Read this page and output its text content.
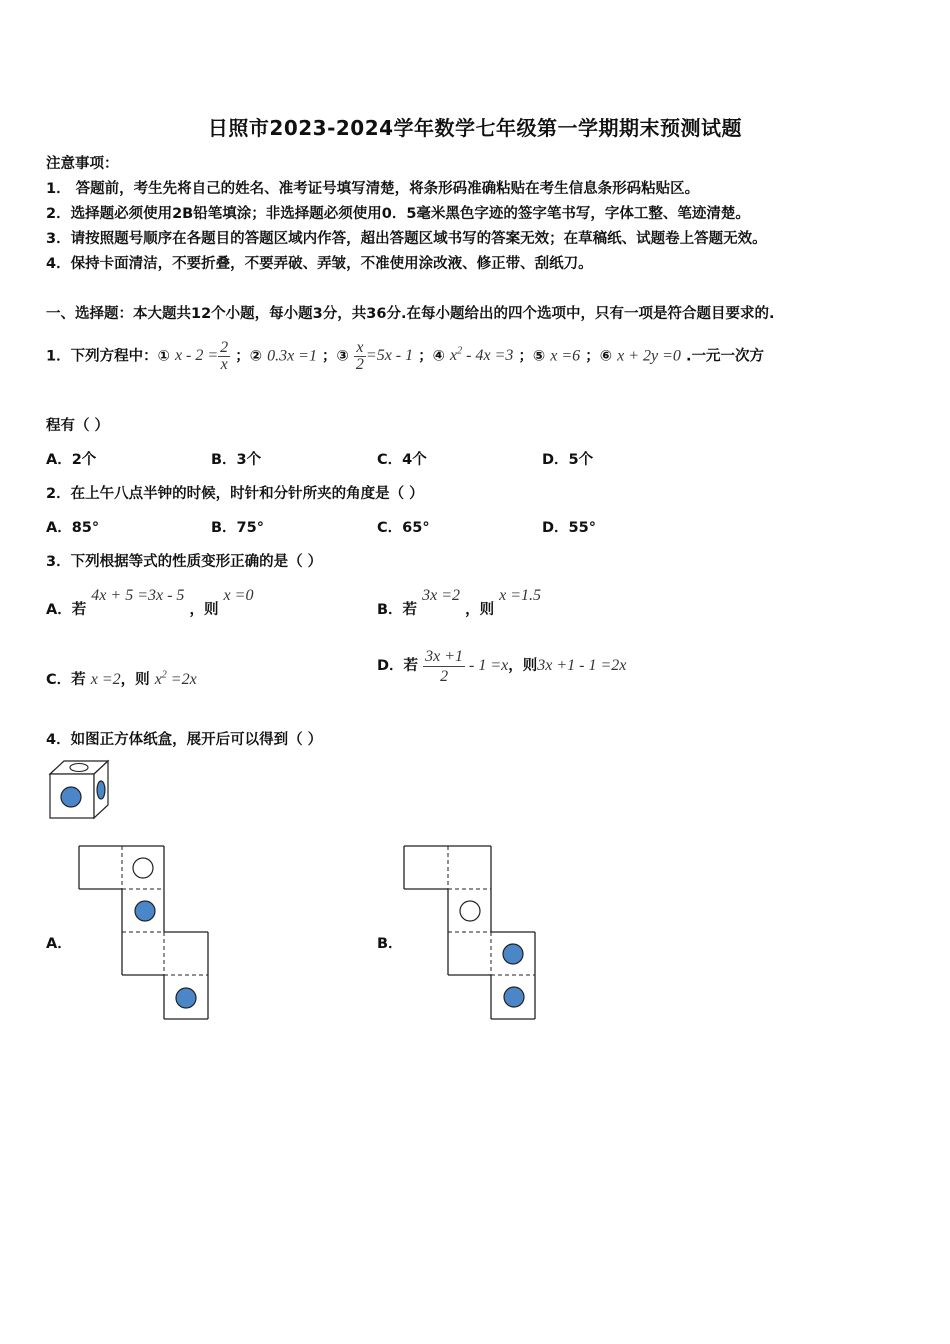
日照市2023-2024学年数学七年级第一学期期末预测试题
注意事项：
1． 答题前，考生先将自己的姓名、准考证号填写清楚，将条形码准确粘贴在考生信息条形码粘贴区。
2．选择题必须使用2B铅笔填涂；非选择题必须使用0．5毫米黑色字迹的签字笔书写，字体工整、笔迹清楚。
3．请按照题号顺序在各题目的答题区域内作答，超出答题区域书写的答案无效；在草稿纸、试题卷上答题无效。
4．保持卡面清洁，不要折叠，不要弄破、弄皱，不准使用涂改液、修正带、刮纸刀。
一、选择题：本大题共12个小题，每小题3分，共36分.在每小题给出的四个选项中，只有一项是符合题目要求的.
1．下列方程中：① $x - 2 = \frac{2}{x}$ ；② 0.3x =1 ；③ $\frac{x}{2} =5x - 1$ ；④ $x^2 - 4x =3$ ；⑤ x =6 ；⑥ x + 2y =0 .一元一次方
程有（ ）
A．2个	B．3个	C．4个	D．5个
2．在上午八点半钟的时候，时针和分针所夹的角度是（ ）
A．85°	B．75°	C．65°	D．55°
3．下列根据等式的性质变形正确的是（ ）
A．若 4x + 5 =3x - 5 ，则 x =0
B．若 3x =2 ，则 x =1.5
C．若 x =2，则 $x^2 =2x$
D．若 $\frac{3x +1}{2} - 1 =x$，则3x +1 - 1 =2x
4．如图正方体纸盒，展开后可以得到（ ）
A．	B．
